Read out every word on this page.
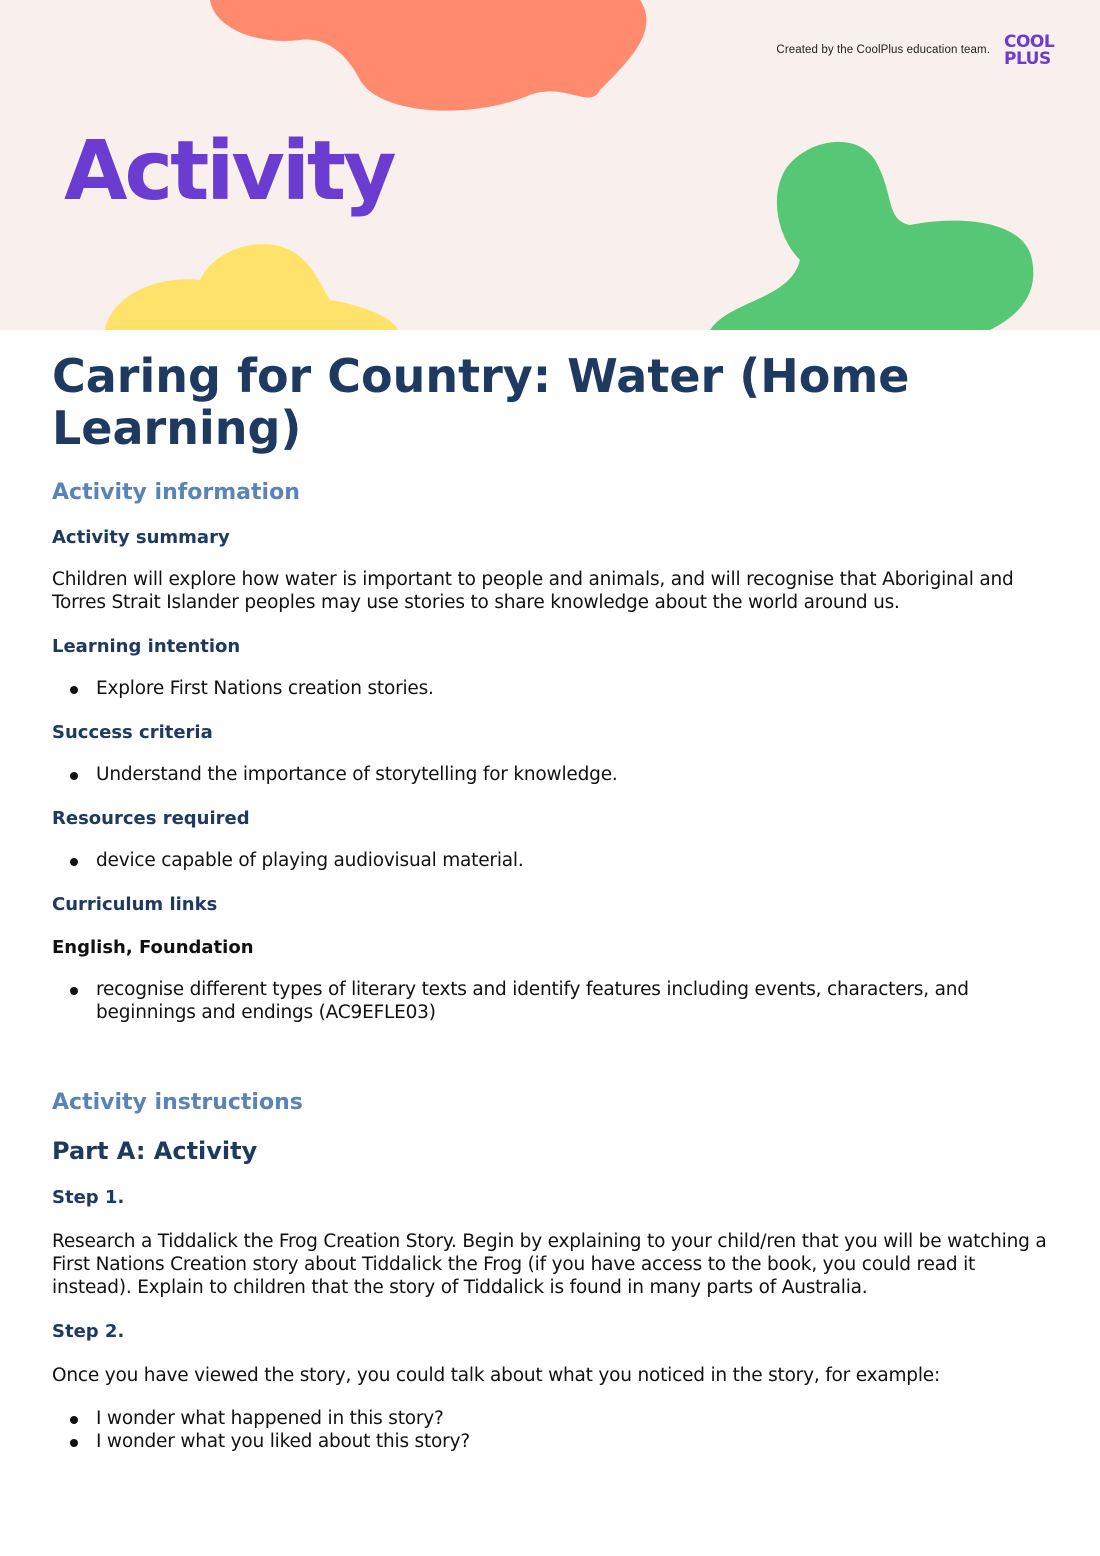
Created by the CoolPlus education team. COOL
PLUS
Activity
Caring for Country: Water (Home Learning)
Activity information
Activity summary

Children will explore how water is important to people and animals, and will recognise that Aboriginal and Torres Strait Islander peoples may use stories to share knowledge about the world around us.

Learning intention
Explore First Nations creation stories.
Success criteria
Understand the importance of storytelling for knowledge.
Resources required
device capable of playing audiovisual material.
Curriculum links
English, Foundation
recognise different types of literary texts and identify features including events, characters, and beginnings and endings (AC9EFLE03)
Activity instructions
Part A: Activity
Step 1.

Research a Tiddalick the Frog Creation Story. Begin by explaining to your child/ren that you will be watching a First Nations Creation story about Tiddalick the Frog (if you have access to the book, you could read it instead). Explain to children that the story of Tiddalick is found in many parts of Australia.

Step 2.

Once you have viewed the story, you could talk about what you noticed in the story, for example:

I wonder what happened in this story?
I wonder what you liked about this story?
